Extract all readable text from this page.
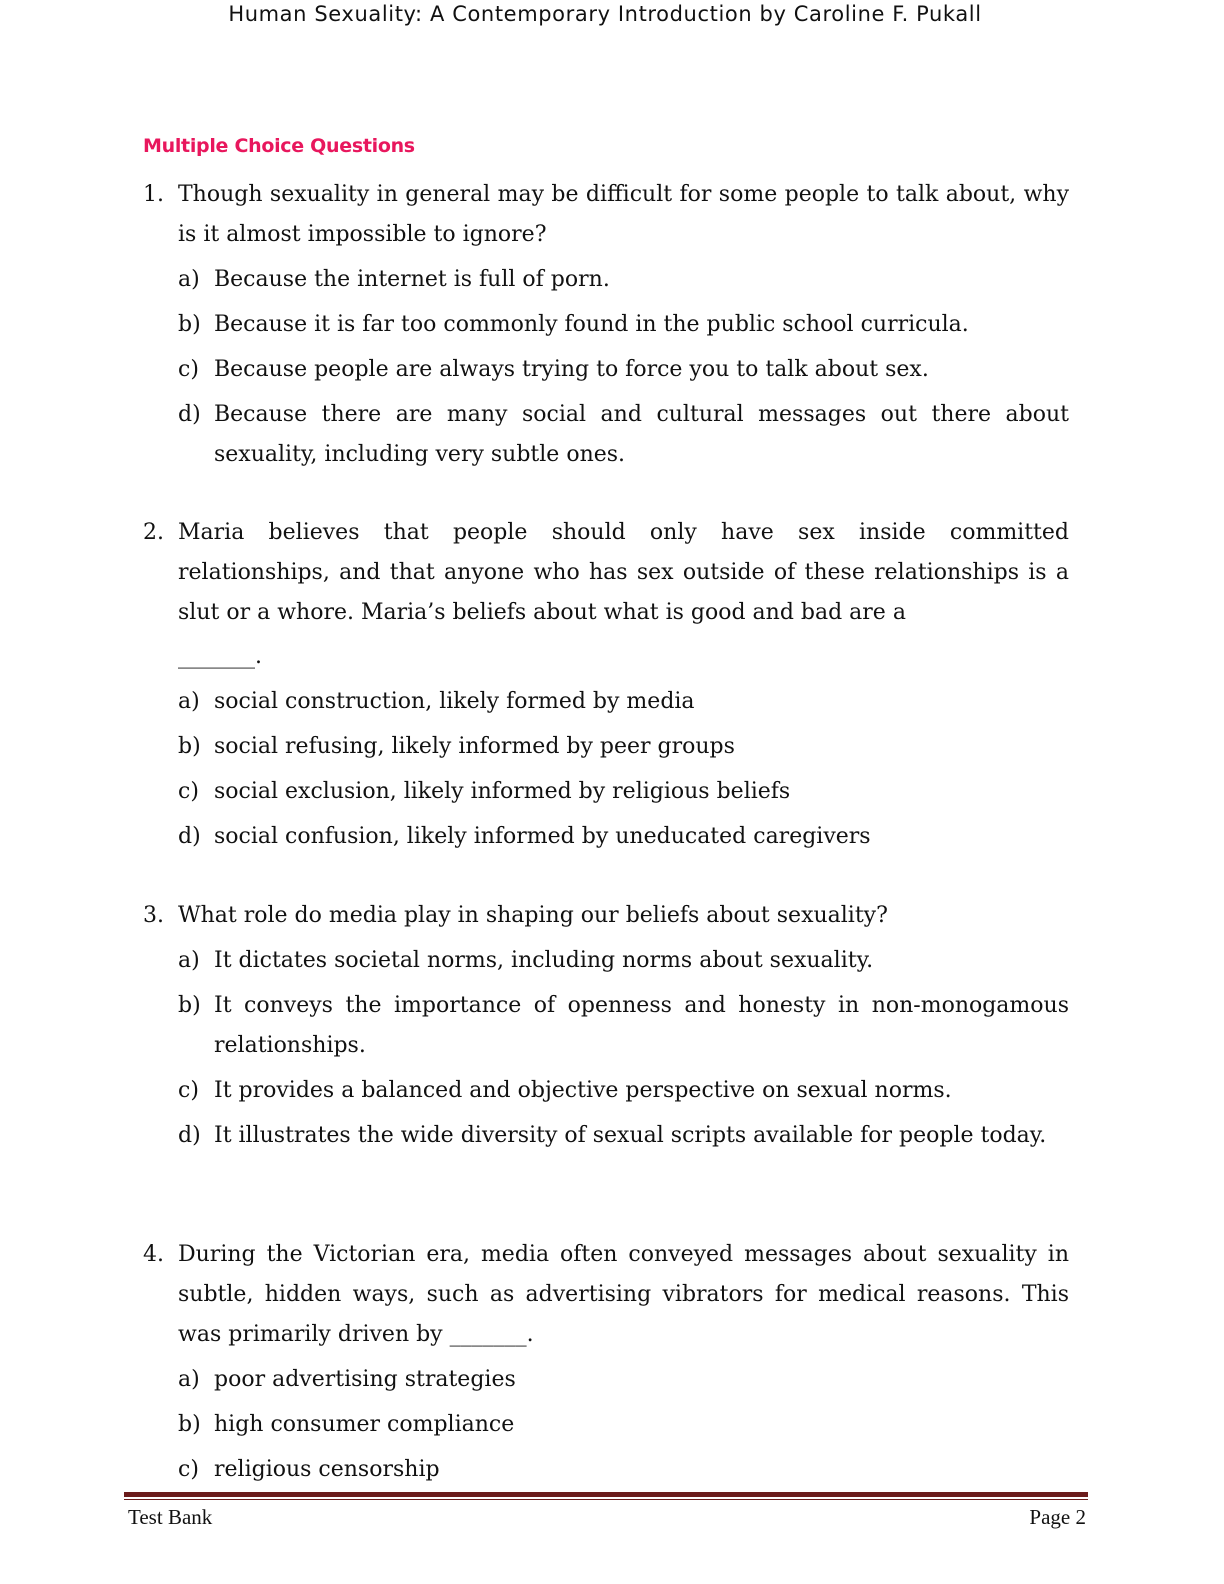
Human Sexuality: A Contemporary Introduction by Caroline F. Pukall
Multiple Choice Questions
1. Though sexuality in general may be difficult for some people to talk about, why is it almost impossible to ignore?
a) Because the internet is full of porn.
b) Because it is far too commonly found in the public school curricula.
c) Because people are always trying to force you to talk about sex.
d) Because there are many social and cultural messages out there about sexuality, including very subtle ones.
2. Maria believes that people should only have sex inside committed relationships, and that anyone who has sex outside of these relationships is a slut or a whore. Maria’s beliefs about what is good and bad are a
_______.
a) social construction, likely formed by media
b) social refusing, likely informed by peer groups
c) social exclusion, likely informed by religious beliefs
d) social confusion, likely informed by uneducated caregivers
3. What role do media play in shaping our beliefs about sexuality?
a) It dictates societal norms, including norms about sexuality.
b) It conveys the importance of openness and honesty in non-monogamous relationships.
c) It provides a balanced and objective perspective on sexual norms.
d) It illustrates the wide diversity of sexual scripts available for people today.
4. During the Victorian era, media often conveyed messages about sexuality in subtle, hidden ways, such as advertising vibrators for medical reasons. This was primarily driven by _______.
a) poor advertising strategies
b) high consumer compliance
c) religious censorship
Test Bank	Page 2
